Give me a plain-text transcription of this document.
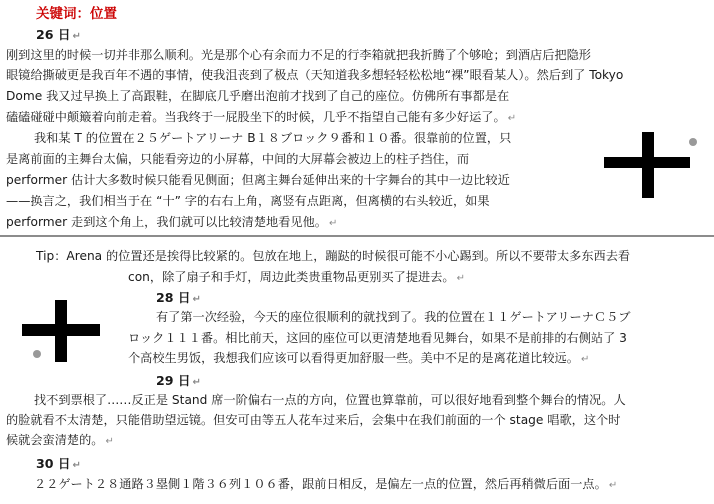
关键词：位置
26 日 ↵
刚到这里的时候一切并非那么顺利。光是那个心有余而力不足的行李箱就把我折腾了个够呛；到酒店后把隐形
眼镜给撕破更是我百年不遇的事情，使我沮丧到了极点（天知道我多想轻轻松松地“裸”眼看某人）。然后到了 Tokyo
Dome 我又过早换上了高跟鞋，在脚底几乎磨出泡前才找到了自己的座位。仿佛所有事都是在
磕磕碰碰中颠簸着向前走着。当我终于一屁股坐下的时候，几乎不指望自己能有多少好运了。 ↵
我和某 T 的位置在２５ゲートアリーナ B１８ブロック９番和１０番。很靠前的位置，只
是离前面的主舞台太偏，只能看旁边的小屏幕，中间的大屏幕会被边上的柱子挡住，而
performer 估计大多数时候只能看见侧面；但离主舞台延伸出来的十字舞台的其中一边比较近
——换言之，我们相当于在 “十” 字的右右上角，离竖有点距离，但离横的右头较近，如果
performer 走到这个角上，我们就可以比较清楚地看见他。 ↵
Tip：Arena 的位置还是挨得比较紧的。包放在地上，蹦跶的时候很可能不小心踢到。所以不要带太多东西去看
con，除了扇子和手灯，周边此类贵重物品更别买了提进去。 ↵
28 日 ↵
有了第一次经验，今天的座位很顺利的就找到了。我的位置在１１ゲートアリーナＣ５ブ
ロック１１１番。相比前天，这回的座位可以更清楚地看见舞台，如果不是前排的右侧站了 3
个高校生男饭，我想我们应该可以看得更加舒服一些。美中不足的是离花道比较远。 ↵
29 日 ↵
找不到票根了……反正是 Stand 席一阶偏右一点的方向，位置也算靠前，可以很好地看到整个舞台的情况。人
的脸就看不太清楚，只能借助望远镜。但安可由等五人花车过来后，会集中在我们前面的一个 stage 唱歌，这个时
候就会蛮清楚的。 ↵
30 日 ↵
２２ゲート２８通路３塁側１階３６列１０６番，跟前日相反，是偏左一点的位置，然后再稍微后面一点。 ↵
